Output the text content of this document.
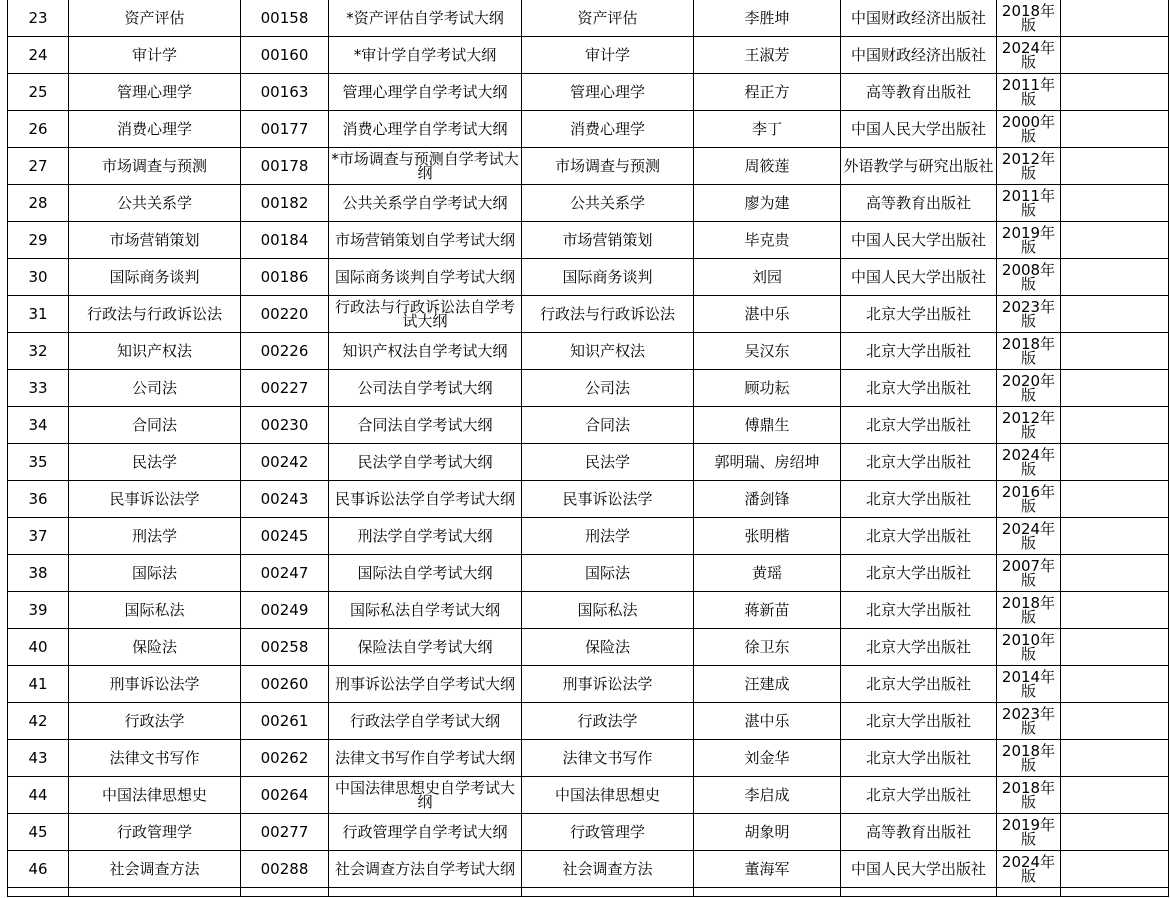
23	资产评估	00158	*资产评估自学考试大纲	资产评估	李胜坤	中国财政经济出版社	2018年版	
24	审计学	00160	*审计学自学考试大纲	审计学	王淑芳	中国财政经济出版社	2024年版	
25	管理心理学	00163	管理心理学自学考试大纲	管理心理学	程正方	高等教育出版社	2011年版	
26	消费心理学	00177	消费心理学自学考试大纲	消费心理学	李丁	中国人民大学出版社	2000年版	
27	市场调查与预测	00178	*市场调查与预测自学考试大纲	市场调查与预测	周筱莲	外语教学与研究出版社	2012年版	
28	公共关系学	00182	公共关系学自学考试大纲	公共关系学	廖为建	高等教育出版社	2011年版	
29	市场营销策划	00184	市场营销策划自学考试大纲	市场营销策划	毕克贵	中国人民大学出版社	2019年版	
30	国际商务谈判	00186	国际商务谈判自学考试大纲	国际商务谈判	刘园	中国人民大学出版社	2008年版	
31	行政法与行政诉讼法	00220	行政法与行政诉讼法自学考试大纲	行政法与行政诉讼法	湛中乐	北京大学出版社	2023年版	
32	知识产权法	00226	知识产权法自学考试大纲	知识产权法	吴汉东	北京大学出版社	2018年版	
33	公司法	00227	公司法自学考试大纲	公司法	顾功耘	北京大学出版社	2020年版	
34	合同法	00230	合同法自学考试大纲	合同法	傅鼎生	北京大学出版社	2012年版	
35	民法学	00242	民法学自学考试大纲	民法学	郭明瑞、房绍坤	北京大学出版社	2024年版	
36	民事诉讼法学	00243	民事诉讼法学自学考试大纲	民事诉讼法学	潘剑锋	北京大学出版社	2016年版	
37	刑法学	00245	刑法学自学考试大纲	刑法学	张明楷	北京大学出版社	2024年版	
38	国际法	00247	国际法自学考试大纲	国际法	黄瑶	北京大学出版社	2007年版	
39	国际私法	00249	国际私法自学考试大纲	国际私法	蒋新苗	北京大学出版社	2018年版	
40	保险法	00258	保险法自学考试大纲	保险法	徐卫东	北京大学出版社	2010年版	
41	刑事诉讼法学	00260	刑事诉讼法学自学考试大纲	刑事诉讼法学	汪建成	北京大学出版社	2014年版	
42	行政法学	00261	行政法学自学考试大纲	行政法学	湛中乐	北京大学出版社	2023年版	
43	法律文书写作	00262	法律文书写作自学考试大纲	法律文书写作	刘金华	北京大学出版社	2018年版	
44	中国法律思想史	00264	中国法律思想史自学考试大纲	中国法律思想史	李启成	北京大学出版社	2018年版	
45	行政管理学	00277	行政管理学自学考试大纲	行政管理学	胡象明	高等教育出版社	2019年版	
46	社会调查方法	00288	社会调查方法自学考试大纲	社会调查方法	董海军	中国人民大学出版社	2024年版	
